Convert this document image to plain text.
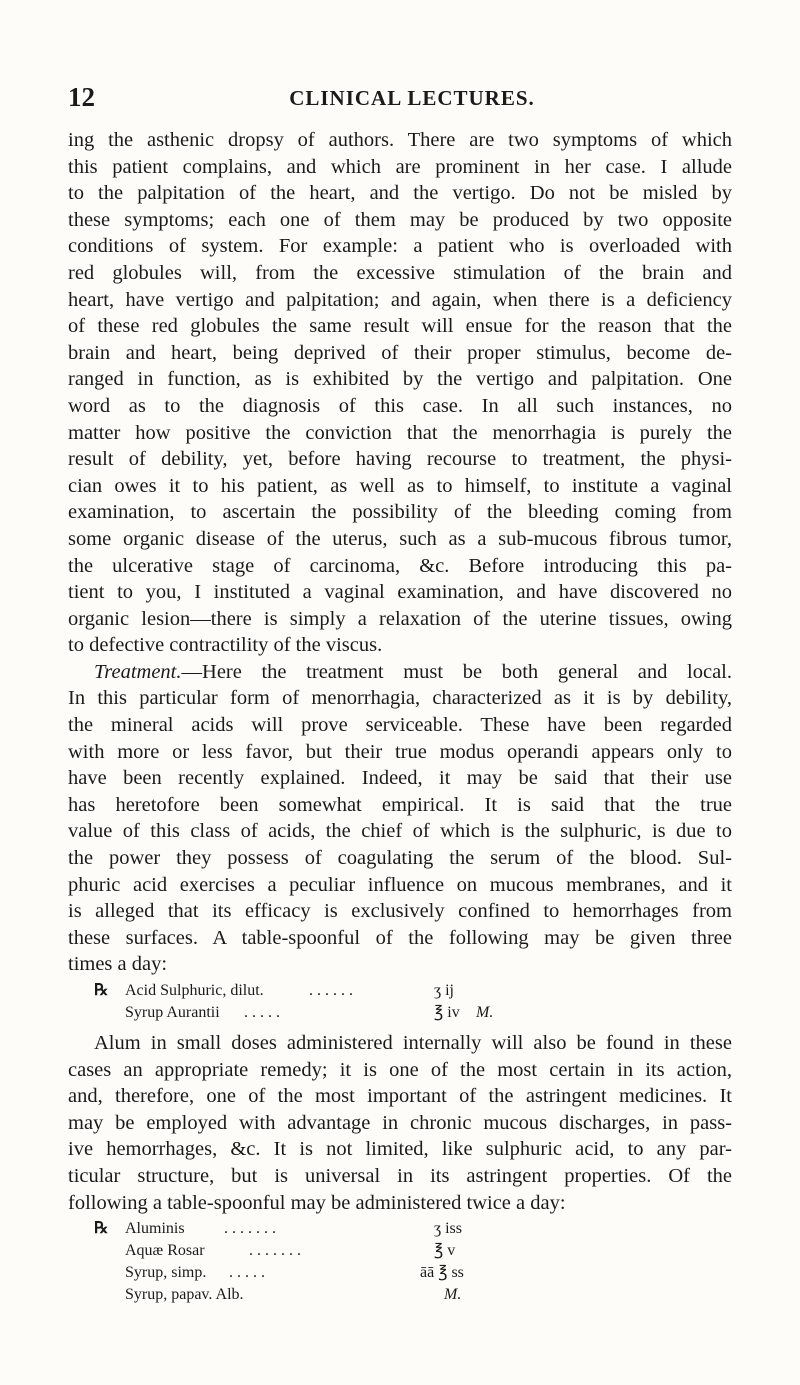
12	CLINICAL LECTURES.
ing the asthenic dropsy of authors. There are two symptoms of which
this patient complains, and which are prominent in her case. I allude
to the palpitation of the heart, and the vertigo. Do not be misled by
these symptoms; each one of them may be produced by two opposite
conditions of system. For example: a patient who is overloaded with
red globules will, from the excessive stimulation of the brain and
heart, have vertigo and palpitation; and again, when there is a deficiency
of these red globules the same result will ensue for the reason that the
brain and heart, being deprived of their proper stimulus, become de-
ranged in function, as is exhibited by the vertigo and palpitation. One
word as to the diagnosis of this case. In all such instances, no
matter how positive the conviction that the menorrhagia is purely the
result of debility, yet, before having recourse to treatment, the physi-
cian owes it to his patient, as well as to himself, to institute a vaginal
examination, to ascertain the possibility of the bleeding coming from
some organic disease of the uterus, such as a sub-mucous fibrous tumor,
the ulcerative stage of carcinoma, &c. Before introducing this pa-
tient to you, I instituted a vaginal examination, and have discovered no
organic lesion—there is simply a relaxation of the uterine tissues, owing
to defective contractility of the viscus.
Treatment.—Here the treatment must be both general and local.
In this particular form of menorrhagia, characterized as it is by debility,
the mineral acids will prove serviceable. These have been regarded
with more or less favor, but their true modus operandi appears only to
have been recently explained. Indeed, it may be said that their use
has heretofore been somewhat empirical. It is said that the true
value of this class of acids, the chief of which is the sulphuric, is due to
the power they possess of coagulating the serum of the blood. Sul-
phuric acid exercises a peculiar influence on mucous membranes, and it
is alleged that its efficacy is exclusively confined to hemorrhages from
these surfaces. A table-spoonful of the following may be given three
times a day:
℞ Acid Sulphuric, dilut.	. . . . . .	ʒ ij
Syrup Aurantii . . . . .	℥ iv M.
Alum in small doses administered internally will also be found in these
cases an appropriate remedy; it is one of the most certain in its action,
and, therefore, one of the most important of the astringent medicines. It
may be employed with advantage in chronic mucous discharges, in pass-
ive hemorrhages, &c. It is not limited, like sulphuric acid, to any par-
ticular structure, but is universal in its astringent properties. Of the
following a table-spoonful may be administered twice a day:
℞ Aluminis . . . . . . .	ʒ iss
Aquæ Rosar	. . . . . . .	℥ v
Syrup, simp. . . . . .	āā ℥ ss
Syrup, papav. Alb.	M.
